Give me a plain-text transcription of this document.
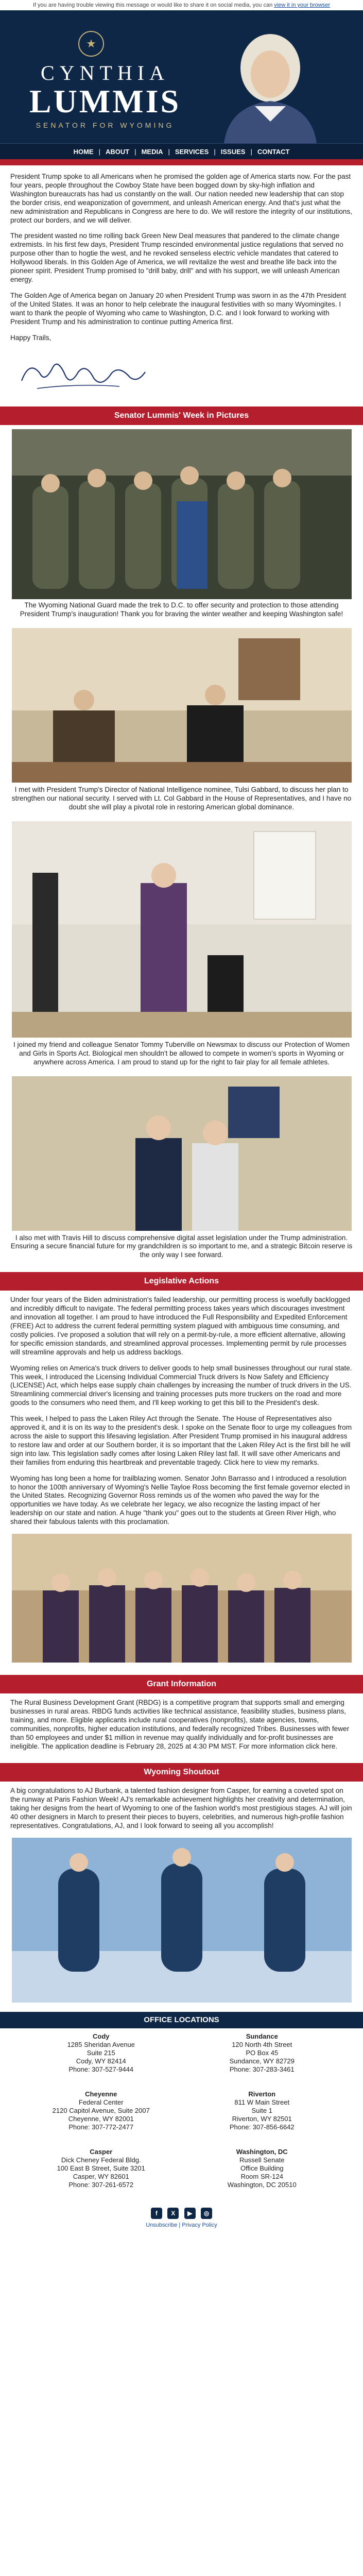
If you are having trouble viewing this message or would like to share it on social media, you can view it in your browser
★
CYNTHIA
LUMMIS
SENATOR FOR WYOMING
HOME | ABOUT | MEDIA | SERVICES | ISSUES | CONTACT

President Trump spoke to all Americans when he promised the golden age of America starts now. For the past four years, people throughout the Cowboy State have been bogged down by sky-high inflation and Washington bureaucrats has had us constantly on the wall. Our nation needed new leadership that can stop the border crisis, end weaponization of government, and unleash American energy. And that's just what the new administration and Republicans in Congress are here to do. We will restore the integrity of our institutions, protect our borders, and we will deliver.

The president wasted no time rolling back Green New Deal measures that pandered to the climate change extremists. In his first few days, President Trump rescinded environmental justice regulations that served no purpose other than to hogtie the west, and he revoked senseless electric vehicle mandates that catered to Hollywood liberals. In this Golden Age of America, we will revitalize the west and breathe life back into the pioneer spirit. President Trump promised to "drill baby, drill" and with his support, we will unleash American energy.

The Golden Age of America began on January 20 when President Trump was sworn in as the 47th President of the United States. It was an honor to help celebrate the inaugural festivities with so many Wyomingites. I want to thank the people of Wyoming who came to Washington, D.C. and I look forward to working with President Trump and his administration to continue putting America first.

Happy Trails,

Senator Lummis' Week in Pictures
The Wyoming National Guard made the trek to D.C. to offer security and protection to those attending President Trump's inauguration! Thank you for braving the winter weather and keeping Washington safe!
I met with President Trump's Director of National Intelligence nominee, Tulsi Gabbard, to discuss her plan to strengthen our national security. I served with Lt. Col Gabbard in the House of Representatives, and I have no doubt she will play a pivotal role in restoring American global dominance.
I joined my friend and colleague Senator Tommy Tuberville on Newsmax to discuss our Protection of Women and Girls in Sports Act. Biological men shouldn't be allowed to compete in women's sports in Wyoming or anywhere across America. I am proud to stand up for the right to fair play for all female athletes.
I also met with Travis Hill to discuss comprehensive digital asset legislation under the Trump administration. Ensuring a secure financial future for my grandchildren is so important to me, and a strategic Bitcoin reserve is the only way I see forward.
Legislative Actions

Under four years of the Biden administration's failed leadership, our permitting process is woefully backlogged and incredibly difficult to navigate. The federal permitting process takes years which discourages investment and innovation all together. I am proud to have introduced the Full Responsibility and Expedited Enforcement (FREE) Act to address the current federal permitting system plagued with ambiguous time consuming, and costly policies. I've proposed a solution that will rely on a permit-by-rule, a more efficient alternative, allowing for specific emission standards, and streamlined approval processes. Implementing permit by rule processes will streamline approvals and help us address backlogs.

Wyoming relies on America's truck drivers to deliver goods to help small businesses throughout our rural state. This week, I introduced the Licensing Individual Commercial Truck drivers Is Now Safety and Efficiency (LICENSE) Act, which helps ease supply chain challenges by increasing the number of truck drivers in the US. Streamlining commercial driver's licensing and training processes puts more truckers on the road and more goods to the consumers who need them, and I'll keep working to get this bill to the President's desk.

This week, I helped to pass the Laken Riley Act through the Senate. The House of Representatives also approved it, and it is on its way to the president's desk. I spoke on the Senate floor to urge my colleagues from across the aisle to support this lifesaving legislation. After President Trump promised in his inaugural address to restore law and order at our Southern border, it is so important that the Laken Riley Act is the first bill he will sign into law. This legislation sadly comes after losing Laken Riley last fall. It will save other Americans and their families from enduring this heartbreak and preventable tragedy. Click here to view my remarks.

Wyoming has long been a home for trailblazing women. Senator John Barrasso and I introduced a resolution to honor the 100th anniversary of Wyoming's Nellie Tayloe Ross becoming the first female governor elected in the United States. Recognizing Governor Ross reminds us of the women who paved the way for the opportunities we have today. As we celebrate her legacy, we also recognize the lasting impact of her leadership on our state and nation. A huge "thank you" goes out to the students at Green River High, who shared their fabulous talents with this proclamation.

Grant Information

The Rural Business Development Grant (RBDG) is a competitive program that supports small and emerging businesses in rural areas. RBDG funds activities like technical assistance, feasibility studies, business plans, training, and more. Eligible applicants include rural cooperatives (nonprofits), state agencies, towns, communities, nonprofits, higher education institutions, and federally recognized Tribes. Businesses with fewer than 50 employees and under $1 million in revenue may qualify individually and for-profit businesses are ineligible. The application deadline is February 28, 2025 at 4:30 PM MST. For more information click here.

Wyoming Shoutout

A big congratulations to AJ Burbank, a talented fashion designer from Casper, for earning a coveted spot on the runway at Paris Fashion Week! AJ's remarkable achievement highlights her creativity and determination, taking her designs from the heart of Wyoming to one of the fashion world's most prestigious stages. AJ will join 40 other designers in March to present their pieces to buyers, celebrities, and numerous high-profile fashion representatives. Congratulations, AJ, and I look forward to seeing all you accomplish!

OFFICE LOCATIONS
Cody
1285 Sheridan Avenue
Suite 215
Cody, WY 82414
Phone: 307-527-9444
Sundance
120 North 4th Street
PO Box 45
Sundance, WY 82729
Phone: 307-283-3461
Cheyenne
Federal Center
2120 Capitol Avenue, Suite 2007
Cheyenne, WY 82001
Phone: 307-772-2477
Riverton
811 W Main Street
Suite 1
Riverton, WY 82501
Phone: 307-856-6642
Casper
Dick Cheney Federal Bldg.
100 East B Street, Suite 3201
Casper, WY 82601
Phone: 307-261-6572
Washington, DC
Russell Senate
Office Building
Room SR-124
Washington, DC 20510
f X ▶ ◎
Unsubscribe | Privacy Policy
